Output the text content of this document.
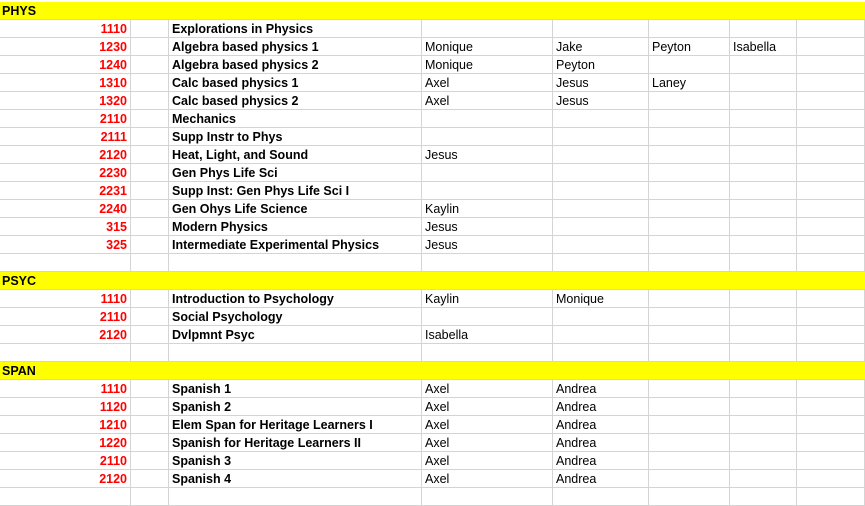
PHYS
1110	Explorations in Physics
1230	Algebra based physics 1	Monique	Jake	Peyton	Isabella
1240	Algebra based physics 2	Monique	Peyton
1310	Calc based physics 1	Axel	Jesus	Laney
1320	Calc based physics 2	Axel	Jesus
2110	Mechanics
2111	Supp Instr to Phys
2120	Heat, Light, and Sound	Jesus
2230	Gen Phys Life Sci
2231	Supp Inst: Gen Phys Life Sci I
2240	Gen Ohys Life Science	Kaylin
315	Modern Physics	Jesus
325	Intermediate Experimental Physics	Jesus
PSYC
1110	Introduction to Psychology	Kaylin	Monique
2110	Social Psychology
2120	Dvlpmnt Psyc	Isabella
SPAN
1110	Spanish 1	Axel	Andrea
1120	Spanish 2	Axel	Andrea
1210	Elem Span for Heritage Learners I	Axel	Andrea
1220	Spanish for Heritage Learners II	Axel	Andrea
2110	Spanish 3	Axel	Andrea
2120	Spanish 4	Axel	Andrea
